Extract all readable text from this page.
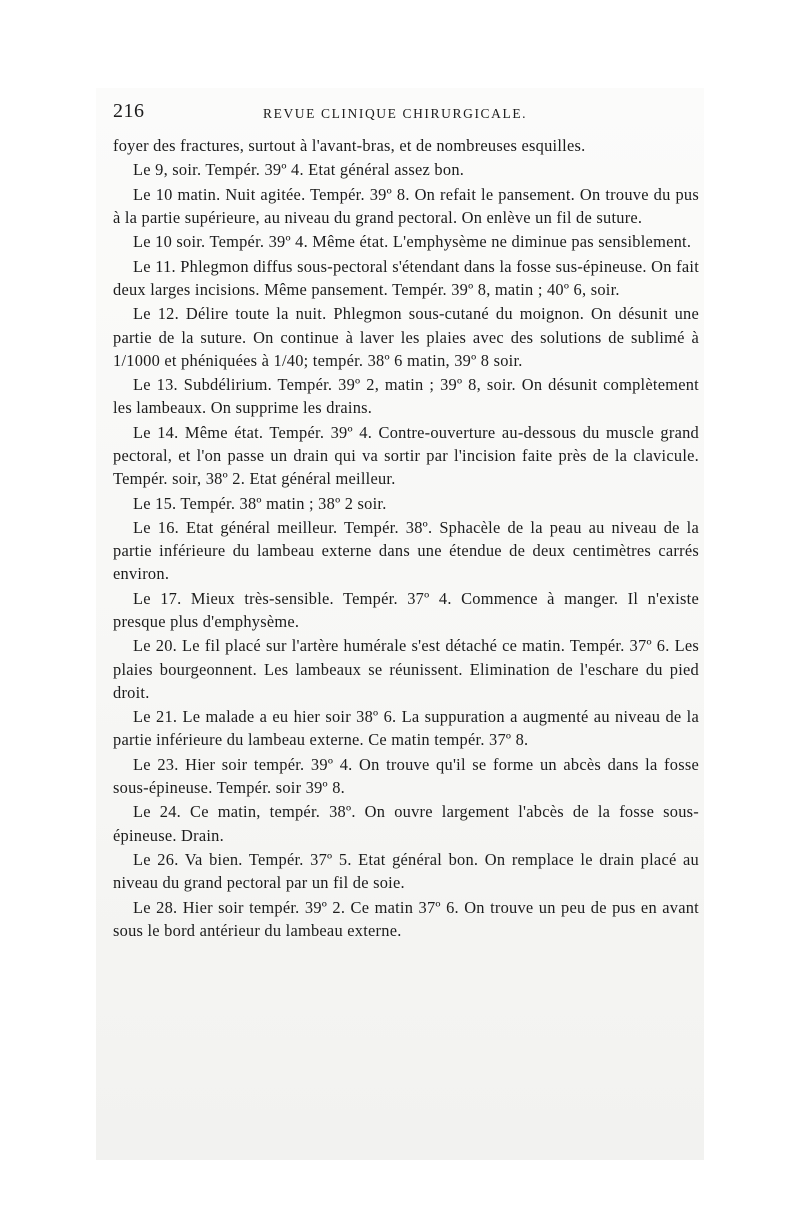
216	REVUE CLINIQUE CHIRURGICALE.

foyer des fractures, surtout à l'avant-bras, et de nombreuses esquilles.

Le 9, soir. Tempér. 39º 4. Etat général assez bon.

Le 10 matin. Nuit agitée. Tempér. 39º 8. On refait le pansement. On trouve du pus à la partie supérieure, au niveau du grand pectoral. On enlève un fil de suture.

Le 10 soir. Tempér. 39º 4. Même état. L'emphysème ne diminue pas sensiblement.

Le 11. Phlegmon diffus sous-pectoral s'étendant dans la fosse sus-épineuse. On fait deux larges incisions. Même pansement. Tempér. 39º 8, matin ; 40º 6, soir.

Le 12. Délire toute la nuit. Phlegmon sous-cutané du moignon. On désunit une partie de la suture. On continue à laver les plaies avec des solutions de sublimé à 1/1000 et phéniquées à 1/40; tempér. 38º 6 matin, 39º 8 soir.

Le 13. Subdélirium. Tempér. 39º 2, matin ; 39º 8, soir. On désunit complètement les lambeaux. On supprime les drains.

Le 14. Même état. Tempér. 39º 4. Contre-ouverture au-dessous du muscle grand pectoral, et l'on passe un drain qui va sortir par l'incision faite près de la clavicule. Tempér. soir, 38º 2. Etat général meilleur.

Le 15. Tempér. 38º matin ; 38º 2 soir.

Le 16. Etat général meilleur. Tempér. 38º. Sphacèle de la peau au niveau de la partie inférieure du lambeau externe dans une étendue de deux centimètres carrés environ.

Le 17. Mieux très-sensible. Tempér. 37º 4. Commence à manger. Il n'existe presque plus d'emphysème.

Le 20. Le fil placé sur l'artère humérale s'est détaché ce matin. Tempér. 37º 6. Les plaies bourgeonnent. Les lambeaux se réunissent. Elimination de l'eschare du pied droit.

Le 21. Le malade a eu hier soir 38º 6. La suppuration a augmenté au niveau de la partie inférieure du lambeau externe. Ce matin tempér. 37º 8.

Le 23. Hier soir tempér. 39º 4. On trouve qu'il se forme un abcès dans la fosse sous-épineuse. Tempér. soir 39º 8.

Le 24. Ce matin, tempér. 38º. On ouvre largement l'abcès de la fosse sous-épineuse. Drain.

Le 26. Va bien. Tempér. 37º 5. Etat général bon. On remplace le drain placé au niveau du grand pectoral par un fil de soie.

Le 28. Hier soir tempér. 39º 2. Ce matin 37º 6. On trouve un peu de pus en avant sous le bord antérieur du lambeau externe.
